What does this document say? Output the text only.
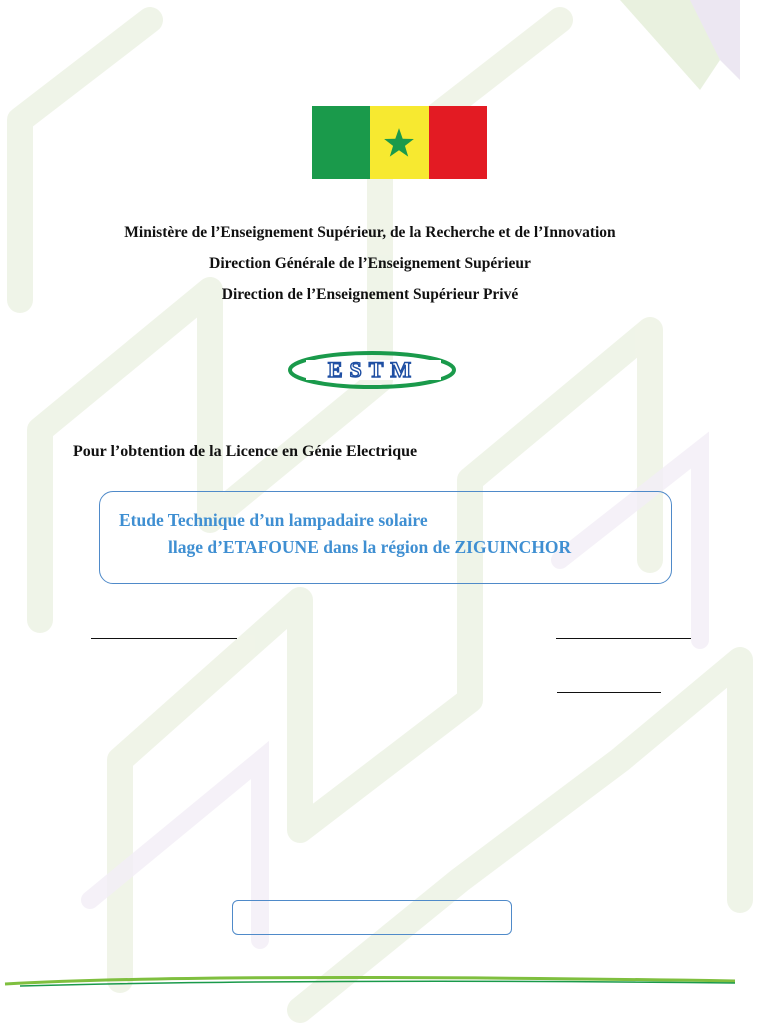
Ministère de l’Enseignement Supérieur, de la Recherche et de l’Innovation
Direction Générale de l’Enseignement Supérieur
Direction de l’Enseignement Supérieur Privé
ESTM
Pour l’obtention de la Licence en Génie Electrique
Etude Technique d’un lampadaire solaire
llage d’ETAFOUNE dans la région de ZIGUINCHOR
